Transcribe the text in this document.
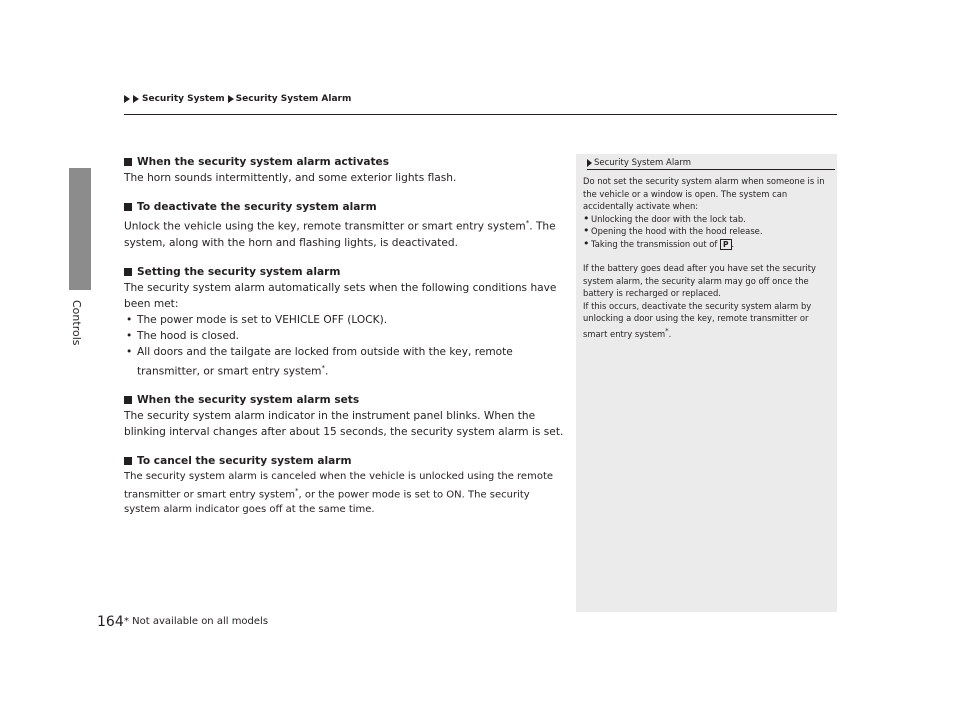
Controls
Security System Security System Alarm
When the security system alarm activates

The horn sounds intermittently, and some exterior lights flash.

To deactivate the security system alarm

Unlock the vehicle using the key, remote transmitter or smart entry system*. The system, along with the horn and flashing lights, is deactivated.

Setting the security system alarm

The security system alarm automatically sets when the following conditions have been met:

• The power mode is set to VEHICLE OFF (LOCK).
• The hood is closed.
• All doors and the tailgate are locked from outside with the key, remote transmitter, or smart entry system*.
When the security system alarm sets

The security system alarm indicator in the instrument panel blinks. When the blinking interval changes after about 15 seconds, the security system alarm is set.

To cancel the security system alarm

The security system alarm is canceled when the vehicle is unlocked using the remote transmitter or smart entry system*, or the power mode is set to ON. The security system alarm indicator goes off at the same time.

Security System Alarm

Do not set the security system alarm when someone is in the vehicle or a window is open. The system can accidentally activate when:

• Unlocking the door with the lock tab.
• Opening the hood with the hood release.
• Taking the transmission out of P .

If the battery goes dead after you have set the security system alarm, the security alarm may go off once the battery is recharged or replaced.

If this occurs, deactivate the security system alarm by unlocking a door using the key, remote transmitter or smart entry system*.

164 * Not available on all models
